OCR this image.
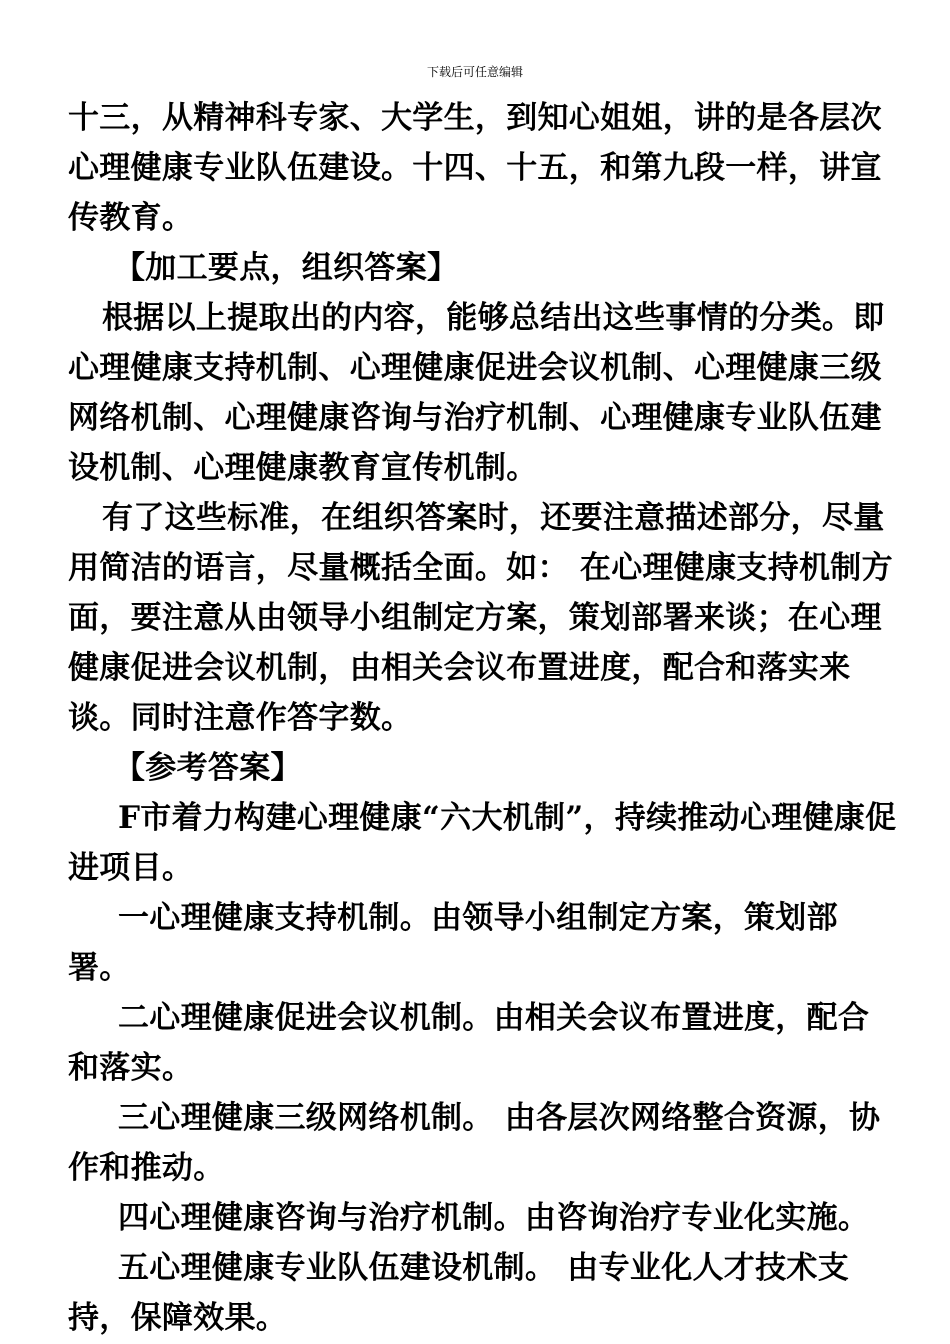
下载后可任意编辑

十三，从精神科专家、大学生，到知心姐姐，讲的是各层次心理健康专业队伍建设。十四、十五，和第九段一样，讲宣传教育。

【加工要点，组织答案】

根据以上提取出的内容，能够总结出这些事情的分类。即心理健康支持机制、心理健康促进会议机制、心理健康三级网络机制、心理健康咨询与治疗机制、心理健康专业队伍建设机制、心理健康教育宣传机制。

有了这些标准，在组织答案时，还要注意描述部分，尽量用简洁的语言，尽量概括全面。如： 在心理健康支持机制方面，要注意从由领导小组制定方案，策划部署来谈；在心理健康促进会议机制，由相关会议布置进度，配合和落实来谈。同时注意作答字数。

【参考答案】

F市着力构建心理健康“六大机制”，持续推动心理健康促进项目。

一心理健康支持机制。由领导小组制定方案，策划部署。

二心理健康促进会议机制。由相关会议布置进度，配合和落实。

三心理健康三级网络机制。 由各层次网络整合资源，协作和推动。

四心理健康咨询与治疗机制。由咨询治疗专业化实施。

五心理健康专业队伍建设机制。 由专业化人才技术支持，保障效果。
